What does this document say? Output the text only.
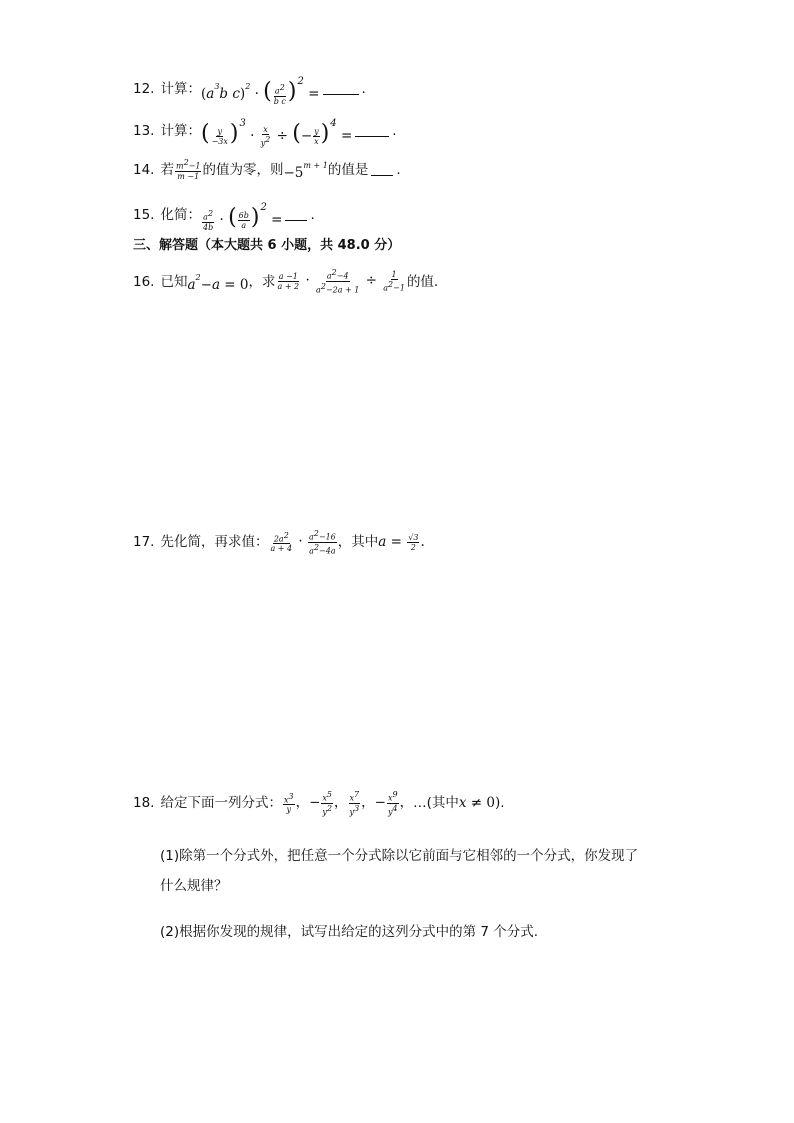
12. 计算： ($a^3b$ c)$^2$ · ( $\frac{a^2}{\text{b c}} )^2$ =	.
13. 计算： ( $\frac{y}{-3x} )^3 \cdot \frac{x}{y^2}$ ÷ (− $\frac{y}{x} )^4$ =	.
14. 若 $\frac{m^2-1}{m -1}$ 的值为零，则 $-5^{m + 1}$ 的值是 .
15. 化简： $\frac{a^2}{4b}$ · ( $\frac{6b}{a} )^2$ = .
三、解答题（本大题共 6 小题，共 48.0 分）
16. 已知 $a^2-a = 0$ ，求 $\frac{a -1}{a + 2} \cdot \frac{a^2-4}{a^2-2a + 1} \div \frac{1}{a^2-1}$ 的值.
17. 先化简，再求值： $\frac{2a^2}{a + 4} \cdot \frac{a^2-16}{a^2-4a}$ ，其中 $a = \frac{√3}{2}$ .
18. 给定下面一列分式： $\frac{x^3}{y}$ ，− $\frac{x^5}{y^2}$ ， $\frac{x^7}{y^3}$ ，− $\frac{x^9}{y^4}$ ， …(其中 x ≠ 0) .
(1)除第一个分式外，把任意一个分式除以它前面与它相邻的一个分式，你发现了
什么规律？
(2)根据你发现的规律，试写出给定的这列分式中的第 7 个分式.
